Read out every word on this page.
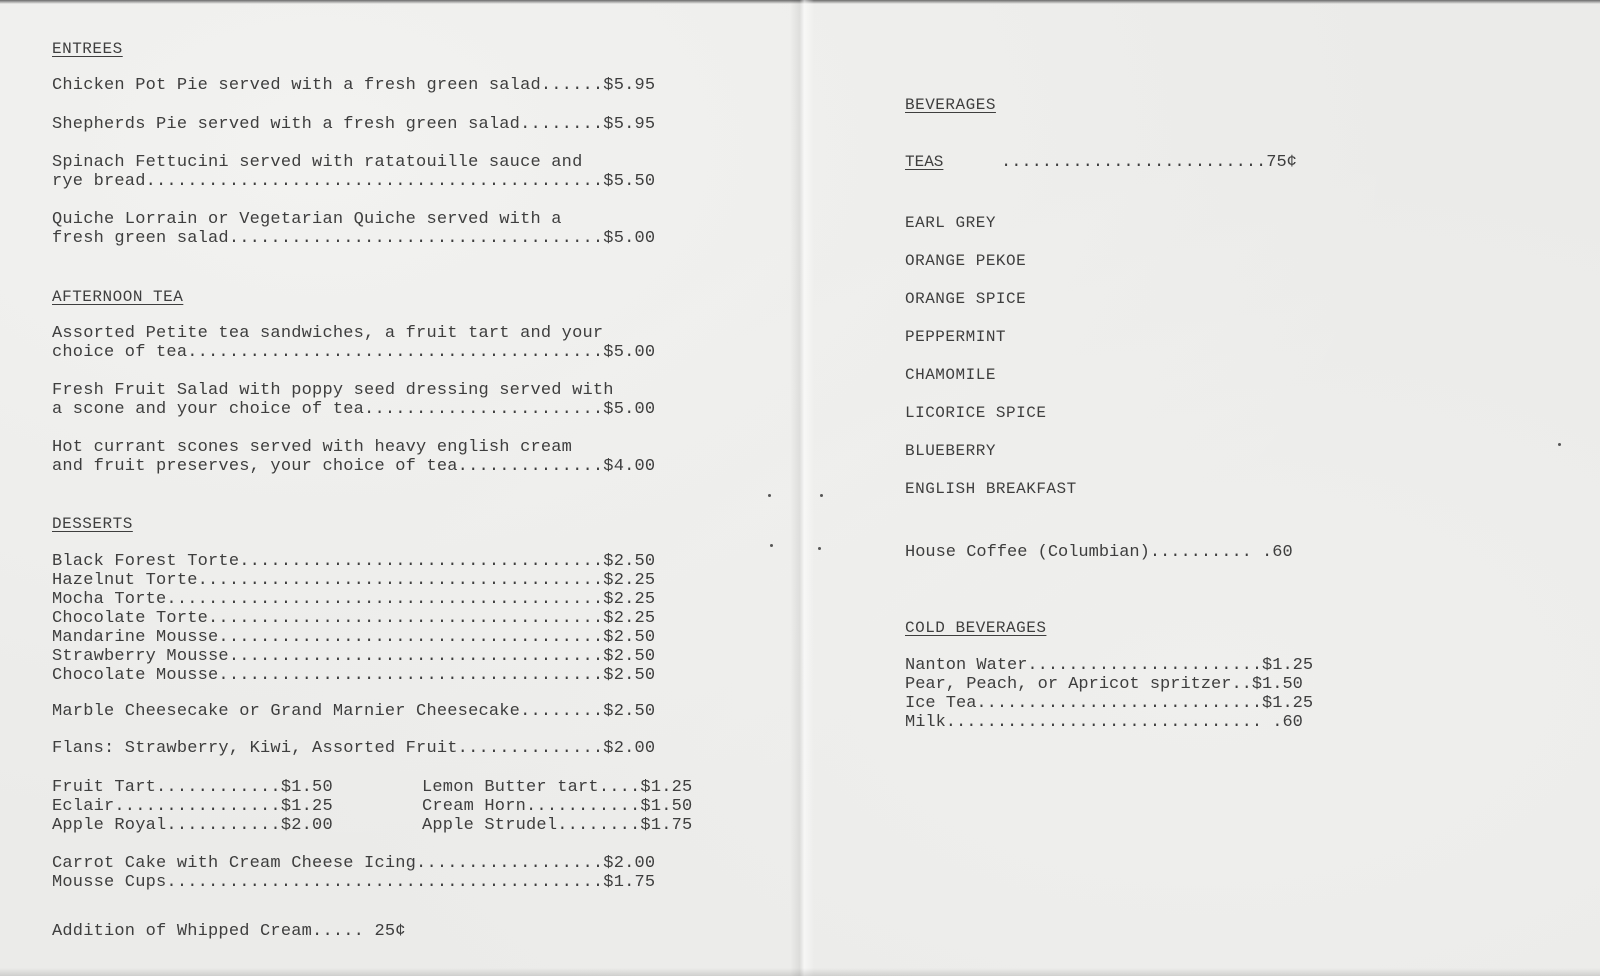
ENTREES
Chicken Pot Pie served with a fresh green salad......$5.95
Shepherds Pie served with a fresh green salad........$5.95
Spinach Fettucini served with ratatouille sauce and
rye bread............................................$5.50
Quiche Lorrain or Vegetarian Quiche served with a
fresh green salad....................................$5.00
AFTERNOON TEA
Assorted Petite tea sandwiches, a fruit tart and your
choice of tea........................................$5.00
Fresh Fruit Salad with poppy seed dressing served with
a scone and your choice of tea.......................$5.00
Hot currant scones served with heavy english cream
and fruit preserves, your choice of tea..............$4.00
DESSERTS
Black Forest Torte...................................$2.50
Hazelnut Torte.......................................$2.25
Mocha Torte..........................................$2.25
Chocolate Torte......................................$2.25
Mandarine Mousse.....................................$2.50
Strawberry Mousse....................................$2.50
Chocolate Mousse.....................................$2.50
Marble Cheesecake or Grand Marnier Cheesecake........$2.50
Flans: Strawberry, Kiwi, Assorted Fruit..............$2.00
Fruit Tart............$1.50
Eclair................$1.25
Apple Royal...........$2.00
Lemon Butter tart....$1.25
Cream Horn...........$1.50
Apple Strudel........$1.75
Carrot Cake with Cream Cheese Icing..................$2.00
Mousse Cups..........................................$1.75
Addition of Whipped Cream..... 25¢
BEVERAGES
TEAS	..........................75¢
EARL GREY
ORANGE PEKOE
ORANGE SPICE
PEPPERMINT
CHAMOMILE
LICORICE SPICE
BLUEBERRY
ENGLISH BREAKFAST
House Coffee (Columbian).......... .60
COLD BEVERAGES
Nanton Water.......................$1.25
Pear, Peach, or Apricot spritzer..$1.50
Ice Tea............................$1.25
Milk............................... .60
